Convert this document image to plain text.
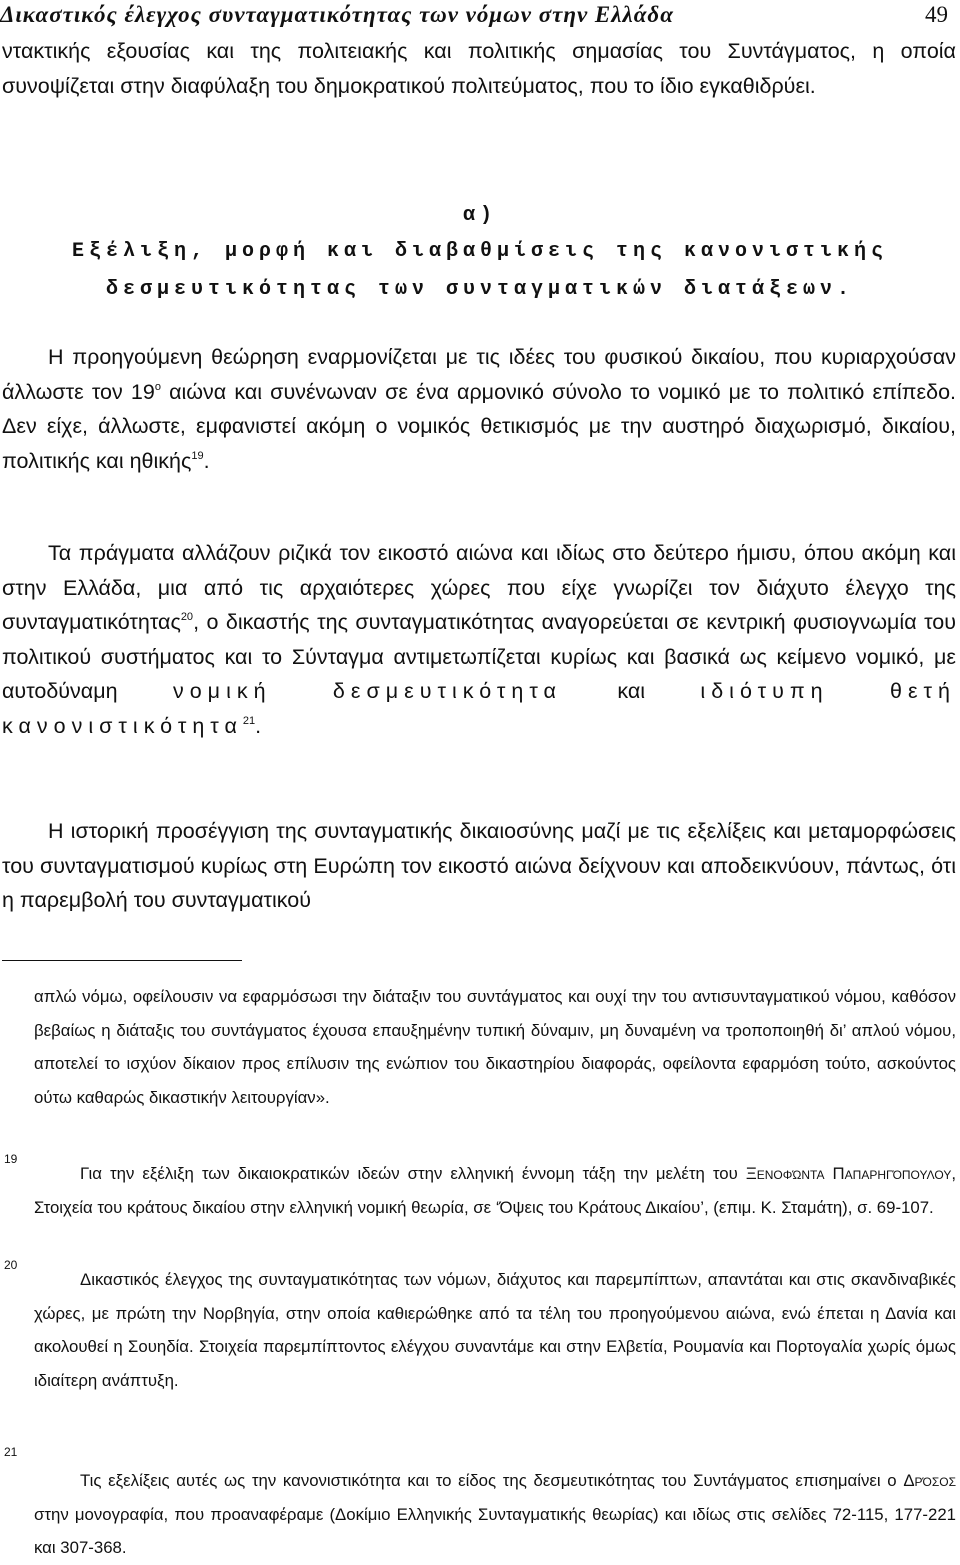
Δικαστικός έλεγχος συνταγματικότητας των νόμων στην Ελλάδα	49
ντακτικής εξουσίας και της πολιτειακής και πολιτικής σημασίας του Συντάγματος, η οποία συνοψίζεται στην διαφύλαξη του δημοκρατικού πολιτεύματος, που το ίδιο εγκαθιδρύει.
α)
Εξέλιξη, μορφή και διαβαθμίσεις της κανονιστικής
δεσμευτικότητας των συνταγματικών διατάξεων.
Η προηγούμενη θεώρηση εναρμονίζεται με τις ιδέες του φυσικού δικαίου, που κυριαρχούσαν άλλωστε τον 19$^o$ αιώνα και συνένωναν σε ένα αρμονικό σύνολο το νομικό με το πολιτικό επίπεδο. Δεν είχε, άλλωστε, εμφανιστεί ακόμη ο νομικός θετικισμός με την αυστηρό διαχωρισμό, δικαίου, πολιτικής και ηθικής$^{19}$.
Τα πράγματα αλλάζουν ριζικά τον εικοστό αιώνα και ιδίως στο δεύτερο ήμισυ, όπου ακόμη και στην Ελλάδα, μια από τις αρχαιότερες χώρες που είχε γνωρίζει τον διάχυτο έλεγχο της συνταγματικότητας$^{20}$, ο δικαστής της συνταγματικότητας αναγορεύεται σε κεντρική φυσιογνωμία του πολιτικού συστήματος και το Σύνταγμα αντιμετωπίζεται κυρίως και βασικά ως κείμενο νομικό, με αυτοδύναμη νομική δεσμευτικότητα και ιδιότυπη θετή κανονιστικότητα$^{21}$.
Η ιστορική προσέγγιση της συνταγματικής δικαιοσύνης μαζί με τις εξελίξεις και μεταμορφώσεις του συνταγματισμού κυρίως στη Ευρώπη τον εικοστό αιώνα δείχνουν και αποδεικνύουν, πάντως, ότι η παρεμβολή του συνταγματικού
απλώ νόμω, οφείλουσιν να εφαρμόσωσι την διάταξιν του συντάγματος και ουχί την του αντισυνταγματικού νόμου, καθόσον βεβαίως η διάταξις του συντάγματος έχουσα επαυξημένην τυπική δύναμιν, μη δυναμένη να τροποποιηθή δι’ απλού νόμου, αποτελεί το ισχύον δίκαιον προς επίλυσιν της ενώπιον του δικαστηρίου διαφοράς, οφείλοντα εφαρμόση τούτο, ασκούντος ούτω καθαρώς δικαστικήν λειτουργίαν».
19
Για την εξέλιξη των δικαιοκρατικών ιδεών στην ελληνική έννομη τάξη την μελέτη του Ξενοφώντα Παπαρηγόπουλου, Στοιχεία του κράτους δικαίου στην ελληνική νομική θεωρία, σε ‘Όψεις του Κράτους Δικαίου’, (επιμ. Κ. Σταμάτη), σ. 69-107.
20
Δικαστικός έλεγχος της συνταγματικότητας των νόμων, διάχυτος και παρεμπίπτων, απαντάται και στις σκανδιναβικές χώρες, με πρώτη την Νορβηγία, στην οποία καθιερώθηκε από τα τέλη του προηγούμενου αιώνα, ενώ έπεται η Δανία και ακολουθεί η Σουηδία. Στοιχεία παρεμπίπτοντος ελέγχου συναντάμε και στην Ελβετία, Ρουμανία και Πορτογαλία χωρίς όμως ιδιαίτερη ανάπτυξη.
21
Τις εξελίξεις αυτές ως την κανονιστικότητα και το είδος της δεσμευτικότητας του Συντάγματος επισημαίνει ο Δρόσος στην μονογραφία, που προαναφέραμε (Δοκίμιο Ελληνικής Συνταγματικής θεωρίας) και ιδίως στις σελίδες 72-115, 177-221 και 307-368.
